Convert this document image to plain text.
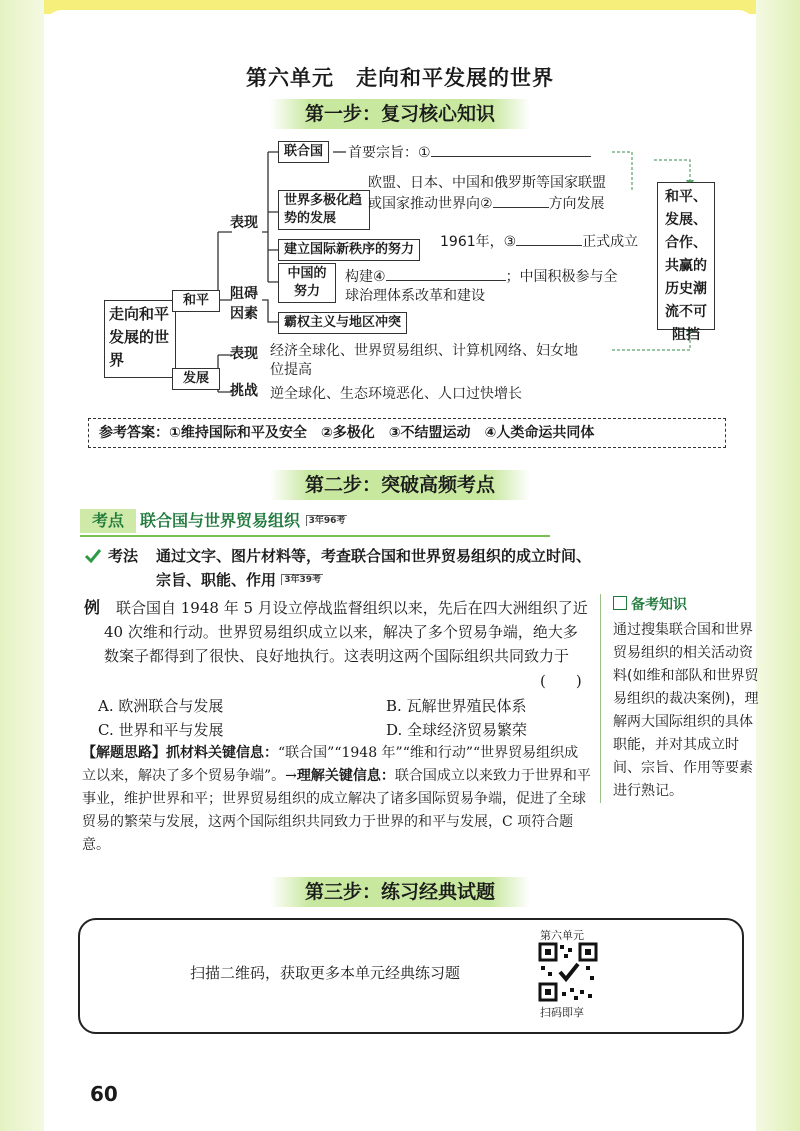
第六单元　走向和平发展的世界
第一步：复习核心知识
走向和平发展的世界
和平
发展
表现
阻碍因素
表现
挑战
联合国	首要宗旨：①
世界多极化趋势的发展
欧盟、日本、中国和俄罗斯等国家联盟
或国家推动世界向②	方向发展
建立国际新秩序的努力	1961年，③	正式成立
中国的努力
构建④	；中国积极参与全
球治理体系改革和建设
霸权主义与地区冲突
经济全球化、世界贸易组织、计算机网络、妇女地
位提高
逆全球化、生态环境恶化、人口过快增长
和平、发展、合作、共赢的历史潮流不可阻挡
参考答案：①维持国际和平及安全　②多极化　③不结盟运动　④人类命运共同体
第二步：突破高频考点
考点	联合国与世界贸易组织 $^{3年96考}$
考法 通过文字、图片材料等，考查联合国和世界贸易组织的成立时间、宗旨、职能、作用 $^{3年39考}$
例	联合国自 1948 年 5 月设立停战监督组织以来，先后在四大洲组织了近 40 次维和行动。世界贸易组织成立以来，解决了多个贸易争端，绝大多数案子都得到了很快、良好地执行。这表明这两个国际组织共同致力于
(　　)
A. 欧洲联合与发展	B. 瓦解世界殖民体系
C. 世界和平与发展	D. 全球经济贸易繁荣
【解题思路】抓材料关键信息：“联合国”“1948 年”“维和行动”“世界贸易组织成立以来，解决了多个贸易争端”。→理解关键信息：联合国成立以来致力于世界和平事业，维护世界和平；世界贸易组织的成立解决了诸多国际贸易争端，促进了全球贸易的繁荣与发展，这两个国际组织共同致力于世界的和平与发展，C 项符合题意。
备考知识
通过搜集联合国和世界贸易组织的相关活动资料(如维和部队和世界贸易组织的裁决案例)，理解两大国际组织的具体职能，并对其成立时间、宗旨、作用等要素进行熟记。
第三步：练习经典试题
扫描二维码，获取更多本单元经典练习题
第六单元
扫码即享
60
